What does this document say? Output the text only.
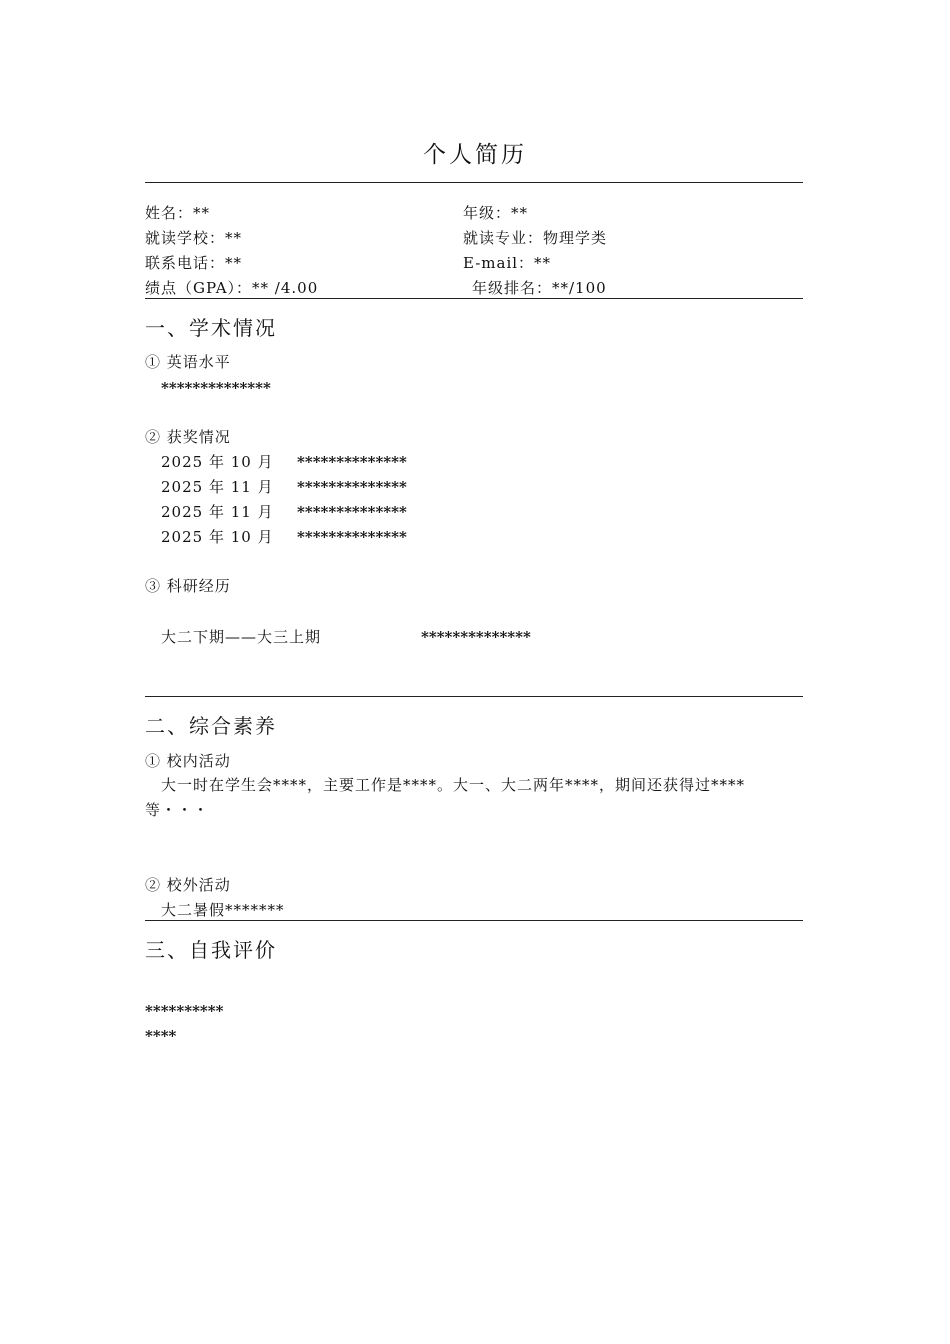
个人简历
姓名：**	年级：**
就读学校：**	就读专业：物理学类
联系电话：**	E-mail：**
绩点（GPA）：** /4.00	年级排名：**/100
一、学术情况
① 英语水平
**************
② 获奖情况
2025 年 10 月 **************
2025 年 11 月 **************
2025 年 11 月 **************
2025 年 10 月 **************
③ 科研经历
大二下期——大三上期	**************
二、综合素养
① 校内活动
大一时在学生会****，主要工作是****。大一、大二两年****，期间还获得过****等・・・
② 校外活动
大二暑假*******
三、自我评价
**********
****
